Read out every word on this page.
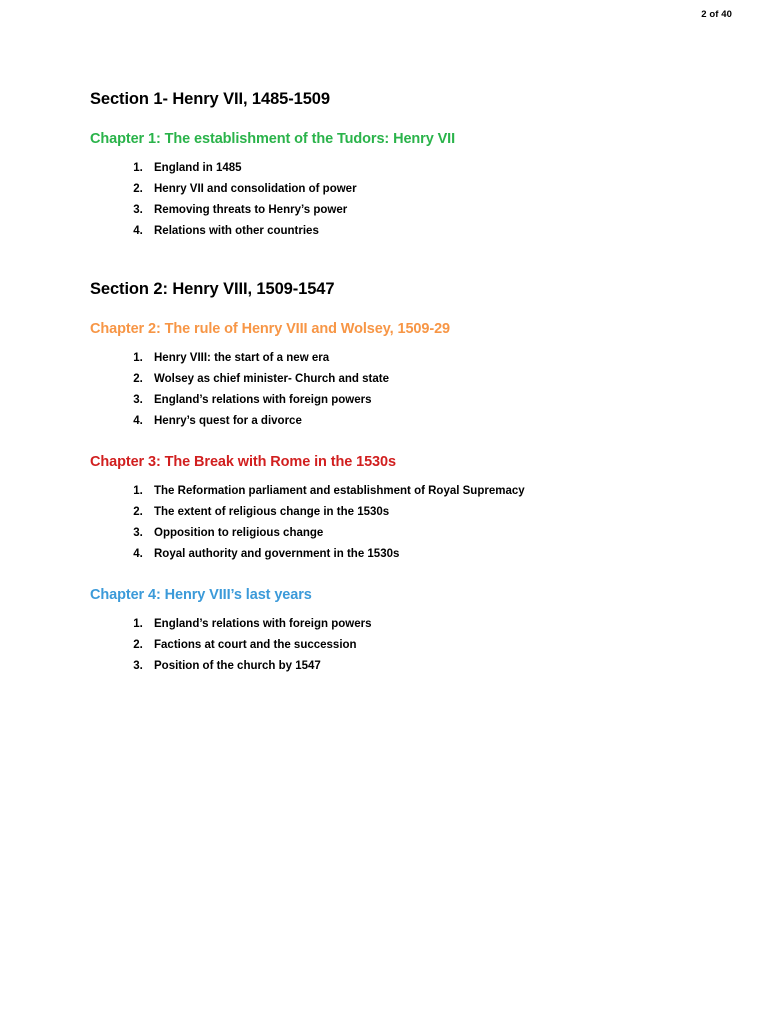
2 of 40
Section 1- Henry VII, 1485-1509
Chapter 1: The establishment of the Tudors: Henry VII
1. England in 1485
2. Henry VII and consolidation of power
3. Removing threats to Henry’s power
4. Relations with other countries
Section 2: Henry VIII, 1509-1547
Chapter 2: The rule of Henry VIII and Wolsey, 1509-29
1. Henry VIII: the start of a new era
2. Wolsey as chief minister- Church and state
3. England’s relations with foreign powers
4. Henry’s quest for a divorce
Chapter 3: The Break with Rome in the 1530s
1. The Reformation parliament and establishment of Royal Supremacy
2. The extent of religious change in the 1530s
3. Opposition to religious change
4. Royal authority and government in the 1530s
Chapter 4: Henry VIII’s last years
1. England’s relations with foreign powers
2. Factions at court and the succession
3. Position of the church by 1547
